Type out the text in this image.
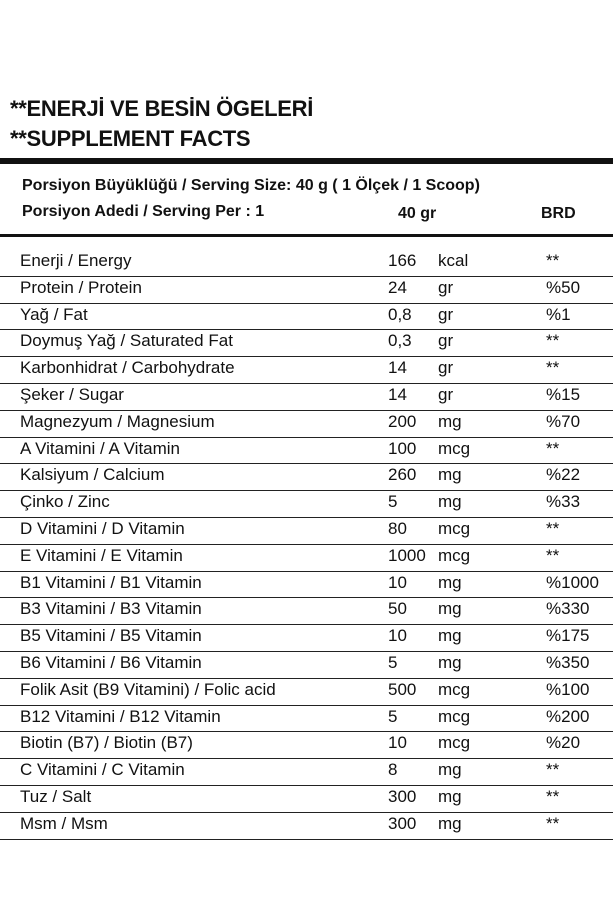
**ENERJİ VE BESİN ÖGELERİ
**SUPPLEMENT FACTS
Porsiyon Büyüklüğü / Serving Size: 40 g ( 1 Ölçek / 1 Scoop)
Porsiyon Adedi / Serving Per : 1	40 gr	BRD
Enerji / Energy	166 kcal	**
Protein / Protein	24 gr	%50
Yağ / Fat	0,8 gr	%1
Doymuş Yağ / Saturated Fat	0,3 gr	**
Karbonhidrat / Carbohydrate	14 gr	**
Şeker / Sugar	14 gr	%15
Magnezyum / Magnesium	200 mg	%70
A Vitamini / A Vitamin	100 mcg	**
Kalsiyum / Calcium	260 mg	%22
Çinko / Zinc	5 mg	%33
D Vitamini / D Vitamin	80 mcg	**
E Vitamini / E Vitamin	1000 mcg	**
B1 Vitamini / B1 Vitamin	10 mg	%1000
B3 Vitamini / B3 Vitamin	50 mg	%330
B5 Vitamini / B5 Vitamin	10 mg	%175
B6 Vitamini / B6 Vitamin	5 mg	%350
Folik Asit (B9 Vitamini) / Folic acid	500 mcg	%100
B12 Vitamini / B12 Vitamin	5 mcg	%200
Biotin (B7) / Biotin (B7)	10 mcg	%20
C Vitamini / C Vitamin	8 mg	**
Tuz / Salt	300 mg	**
Msm / Msm	300 mg	**
